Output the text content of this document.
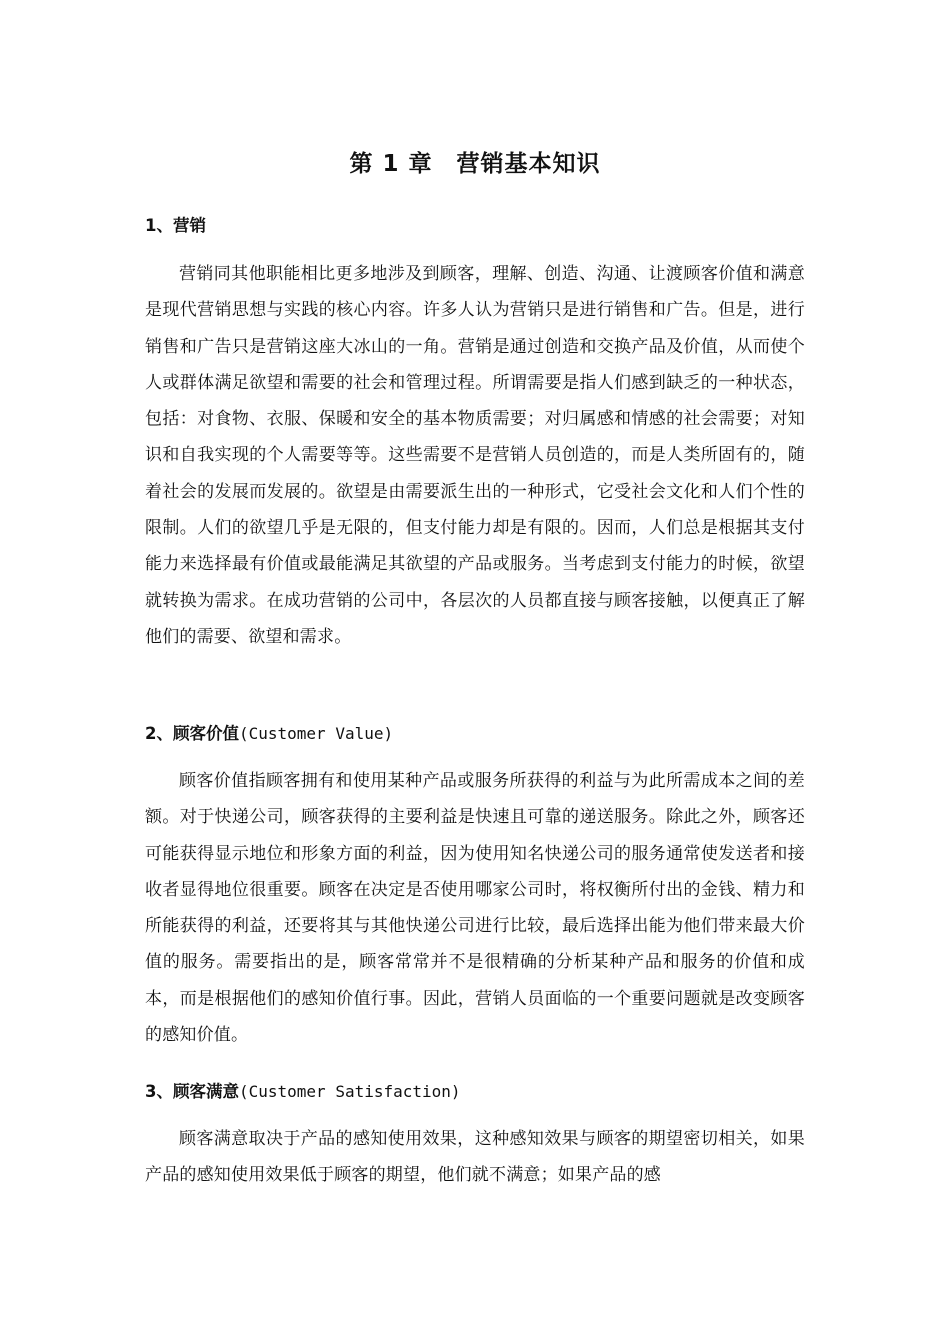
第 1 章　营销基本知识

1、营销

营销同其他职能相比更多地涉及到顾客，理解、创造、沟通、让渡顾客价值和满意是现代营销思想与实践的核心内容。许多人认为营销只是进行销售和广告。但是，进行销售和广告只是营销这座大冰山的一角。营销是通过创造和交换产品及价值，从而使个人或群体满足欲望和需要的社会和管理过程。所谓需要是指人们感到缺乏的一种状态，包括：对食物、衣服、保暖和安全的基本物质需要；对归属感和情感的社会需要；对知识和自我实现的个人需要等等。这些需要不是营销人员创造的，而是人类所固有的，随着社会的发展而发展的。欲望是由需要派生出的一种形式，它受社会文化和人们个性的限制。人们的欲望几乎是无限的，但支付能力却是有限的。因而，人们总是根据其支付能力来选择最有价值或最能满足其欲望的产品或服务。当考虑到支付能力的时候，欲望就转换为需求。在成功营销的公司中，各层次的人员都直接与顾客接触，以便真正了解他们的需要、欲望和需求。

2、顾客价值(Customer Value)

顾客价值指顾客拥有和使用某种产品或服务所获得的利益与为此所需成本之间的差额。对于快递公司，顾客获得的主要利益是快速且可靠的递送服务。除此之外，顾客还可能获得显示地位和形象方面的利益，因为使用知名快递公司的服务通常使发送者和接收者显得地位很重要。顾客在决定是否使用哪家公司时，将权衡所付出的金钱、精力和所能获得的利益，还要将其与其他快递公司进行比较，最后选择出能为他们带来最大价值的服务。需要指出的是，顾客常常并不是很精确的分析某种产品和服务的价值和成本，而是根据他们的感知价值行事。因此，营销人员面临的一个重要问题就是改变顾客的感知价值。

3、顾客满意(Customer Satisfaction)

顾客满意取决于产品的感知使用效果，这种感知效果与顾客的期望密切相关，如果产品的感知使用效果低于顾客的期望，他们就不满意；如果产品的感
